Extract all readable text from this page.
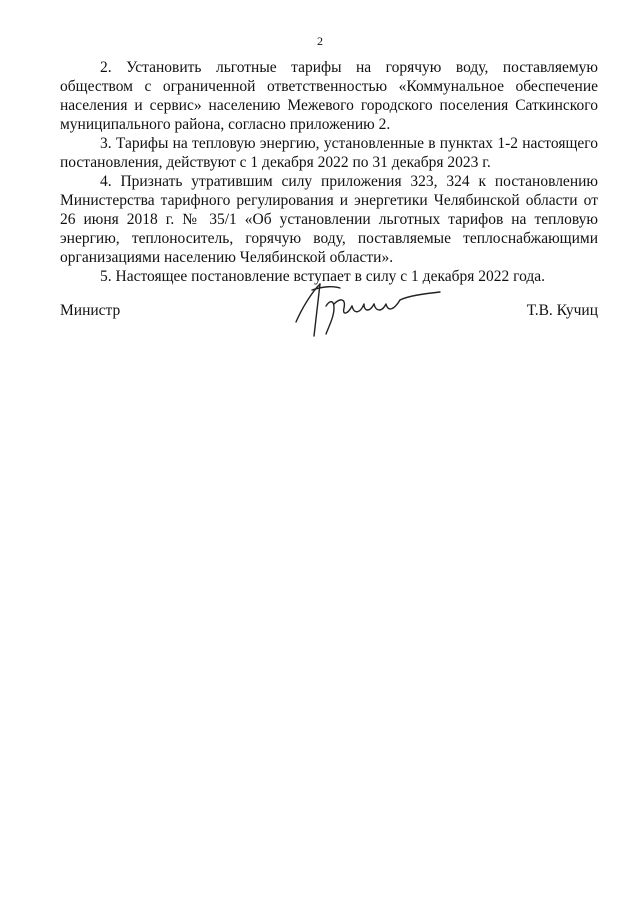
2

2. Установить льготные тарифы на горячую воду, поставляемую обществом с ограниченной ответственностью «Коммунальное обеспечение населения и сервис» населению Межевого городского поселения Саткинского муниципального района, согласно приложению 2.

3. Тарифы на тепловую энергию, установленные в пунктах 1-2 настоящего постановления, действуют с 1 декабря 2022 по 31 декабря 2023 г.

4. Признать утратившим силу приложения 323, 324 к постановлению Министерства тарифного регулирования и энергетики Челябинской области от 26 июня 2018 г. № 35/1 «Об установлении льготных тарифов на тепловую энергию, теплоноситель, горячую воду, поставляемые теплоснабжающими организациями населению Челябинской области».

5. Настоящее постановление вступает в силу с 1 декабря 2022 года.

Министр	Т.В. Кучиц
